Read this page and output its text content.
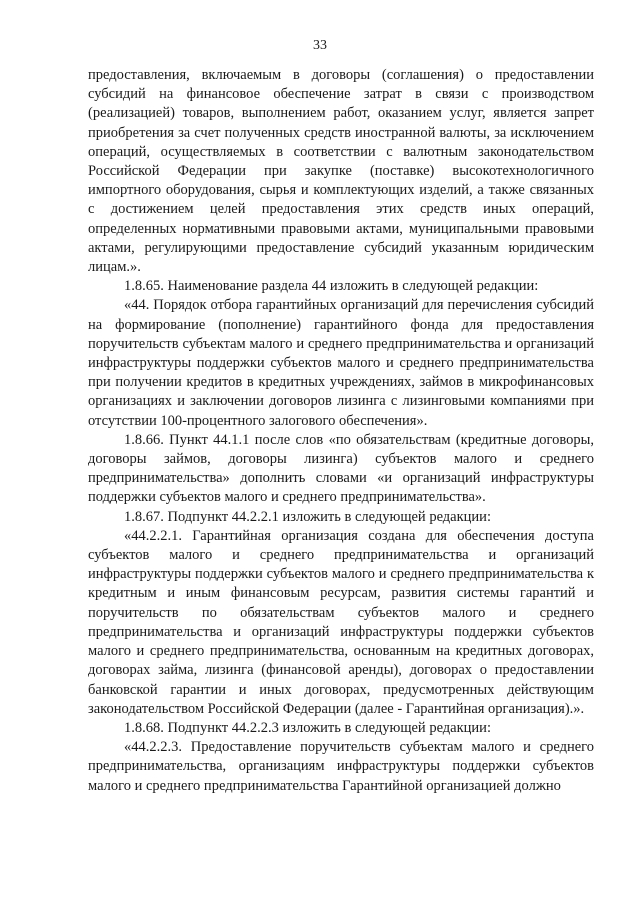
33

предоставления, включаемым в договоры (соглашения) о предоставлении субсидий на финансовое обеспечение затрат в связи с производством (реализацией) товаров, выполнением работ, оказанием услуг, является запрет приобретения за счет полученных средств иностранной валюты, за исключением операций, осуществляемых в соответствии с валютным законодательством Российской Федерации при закупке (поставке) высокотехнологичного импортного оборудования, сырья и комплектующих изделий, а также связанных с достижением целей предоставления этих средств иных операций, определенных нормативными правовыми актами, муниципальными правовыми актами, регулирующими предоставление субсидий указанным юридическим лицам.».

1.8.65. Наименование раздела 44 изложить в следующей редакции:

«44. Порядок отбора гарантийных организаций для перечисления субсидий на формирование (пополнение) гарантийного фонда для предоставления поручительств субъектам малого и среднего предпринимательства и организаций инфраструктуры поддержки субъектов малого и среднего предпринимательства при получении кредитов в кредитных учреждениях, займов в микрофинансовых организациях и заключении договоров лизинга с лизинговыми компаниями при отсутствии 100-процентного залогового обеспечения».

1.8.66. Пункт 44.1.1 после слов «по обязательствам (кредитные договоры, договоры займов, договоры лизинга) субъектов малого и среднего предпринимательства» дополнить словами «и организаций инфраструктуры поддержки субъектов малого и среднего предпринимательства».

1.8.67. Подпункт 44.2.2.1 изложить в следующей редакции:

«44.2.2.1. Гарантийная организация создана для обеспечения доступа субъектов малого и среднего предпринимательства и организаций инфраструктуры поддержки субъектов малого и среднего предпринимательства к кредитным и иным финансовым ресурсам, развития системы гарантий и поручительств по обязательствам субъектов малого и среднего предпринимательства и организаций инфраструктуры поддержки субъектов малого и среднего предпринимательства, основанным на кредитных договорах, договорах займа, лизинга (финансовой аренды), договорах о предоставлении банковской гарантии и иных договорах, предусмотренных действующим законодательством Российской Федерации (далее - Гарантийная организация).».

1.8.68. Подпункт 44.2.2.3 изложить в следующей редакции:

«44.2.2.3. Предоставление поручительств субъектам малого и среднего предпринимательства, организациям инфраструктуры поддержки субъектов малого и среднего предпринимательства Гарантийной организацией должно
